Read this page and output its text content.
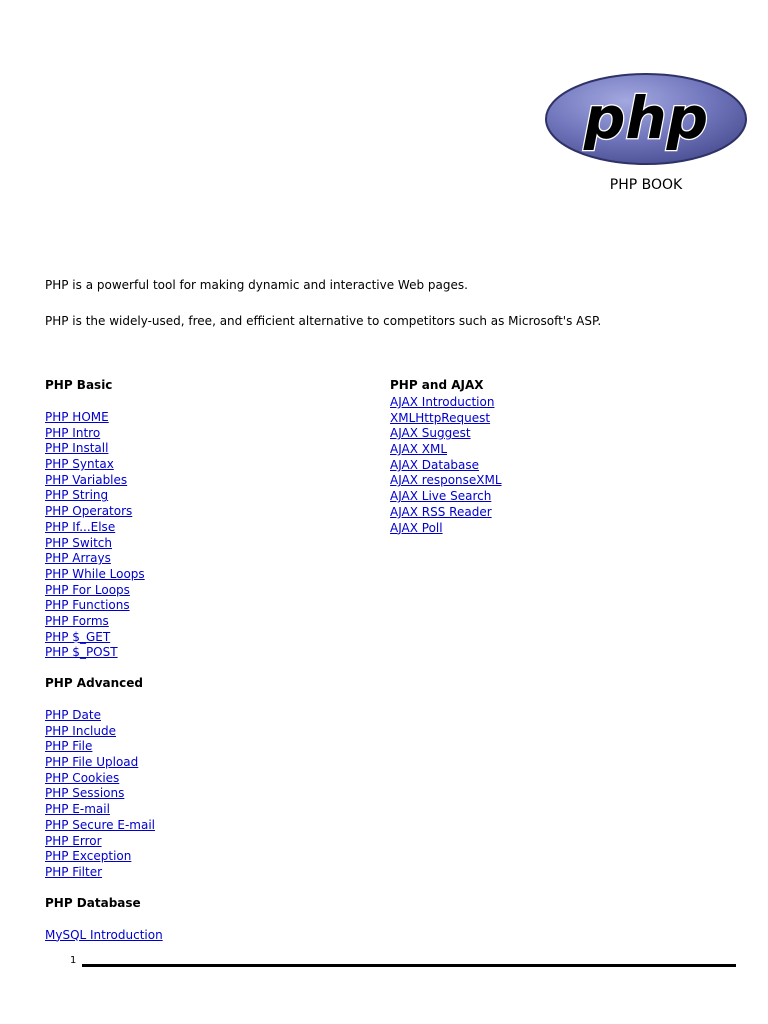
php
PHP BOOK

PHP is a powerful tool for making dynamic and interactive Web pages.

PHP is the widely-used, free, and efficient alternative to competitors such as Microsoft's ASP.

PHP Basic
PHP HOME
PHP Intro
PHP Install
PHP Syntax
PHP Variables
PHP String
PHP Operators
PHP If...Else
PHP Switch
PHP Arrays
PHP While Loops
PHP For Loops
PHP Functions
PHP Forms
PHP $_GET
PHP $_POST
PHP Advanced
PHP Date
PHP Include
PHP File
PHP File Upload
PHP Cookies
PHP Sessions
PHP E-mail
PHP Secure E-mail
PHP Error
PHP Exception
PHP Filter
PHP Database
MySQL Introduction
PHP and AJAX
AJAX Introduction
XMLHttpRequest
AJAX Suggest
AJAX XML
AJAX Database
AJAX responseXML
AJAX Live Search
AJAX RSS Reader
AJAX Poll
1
